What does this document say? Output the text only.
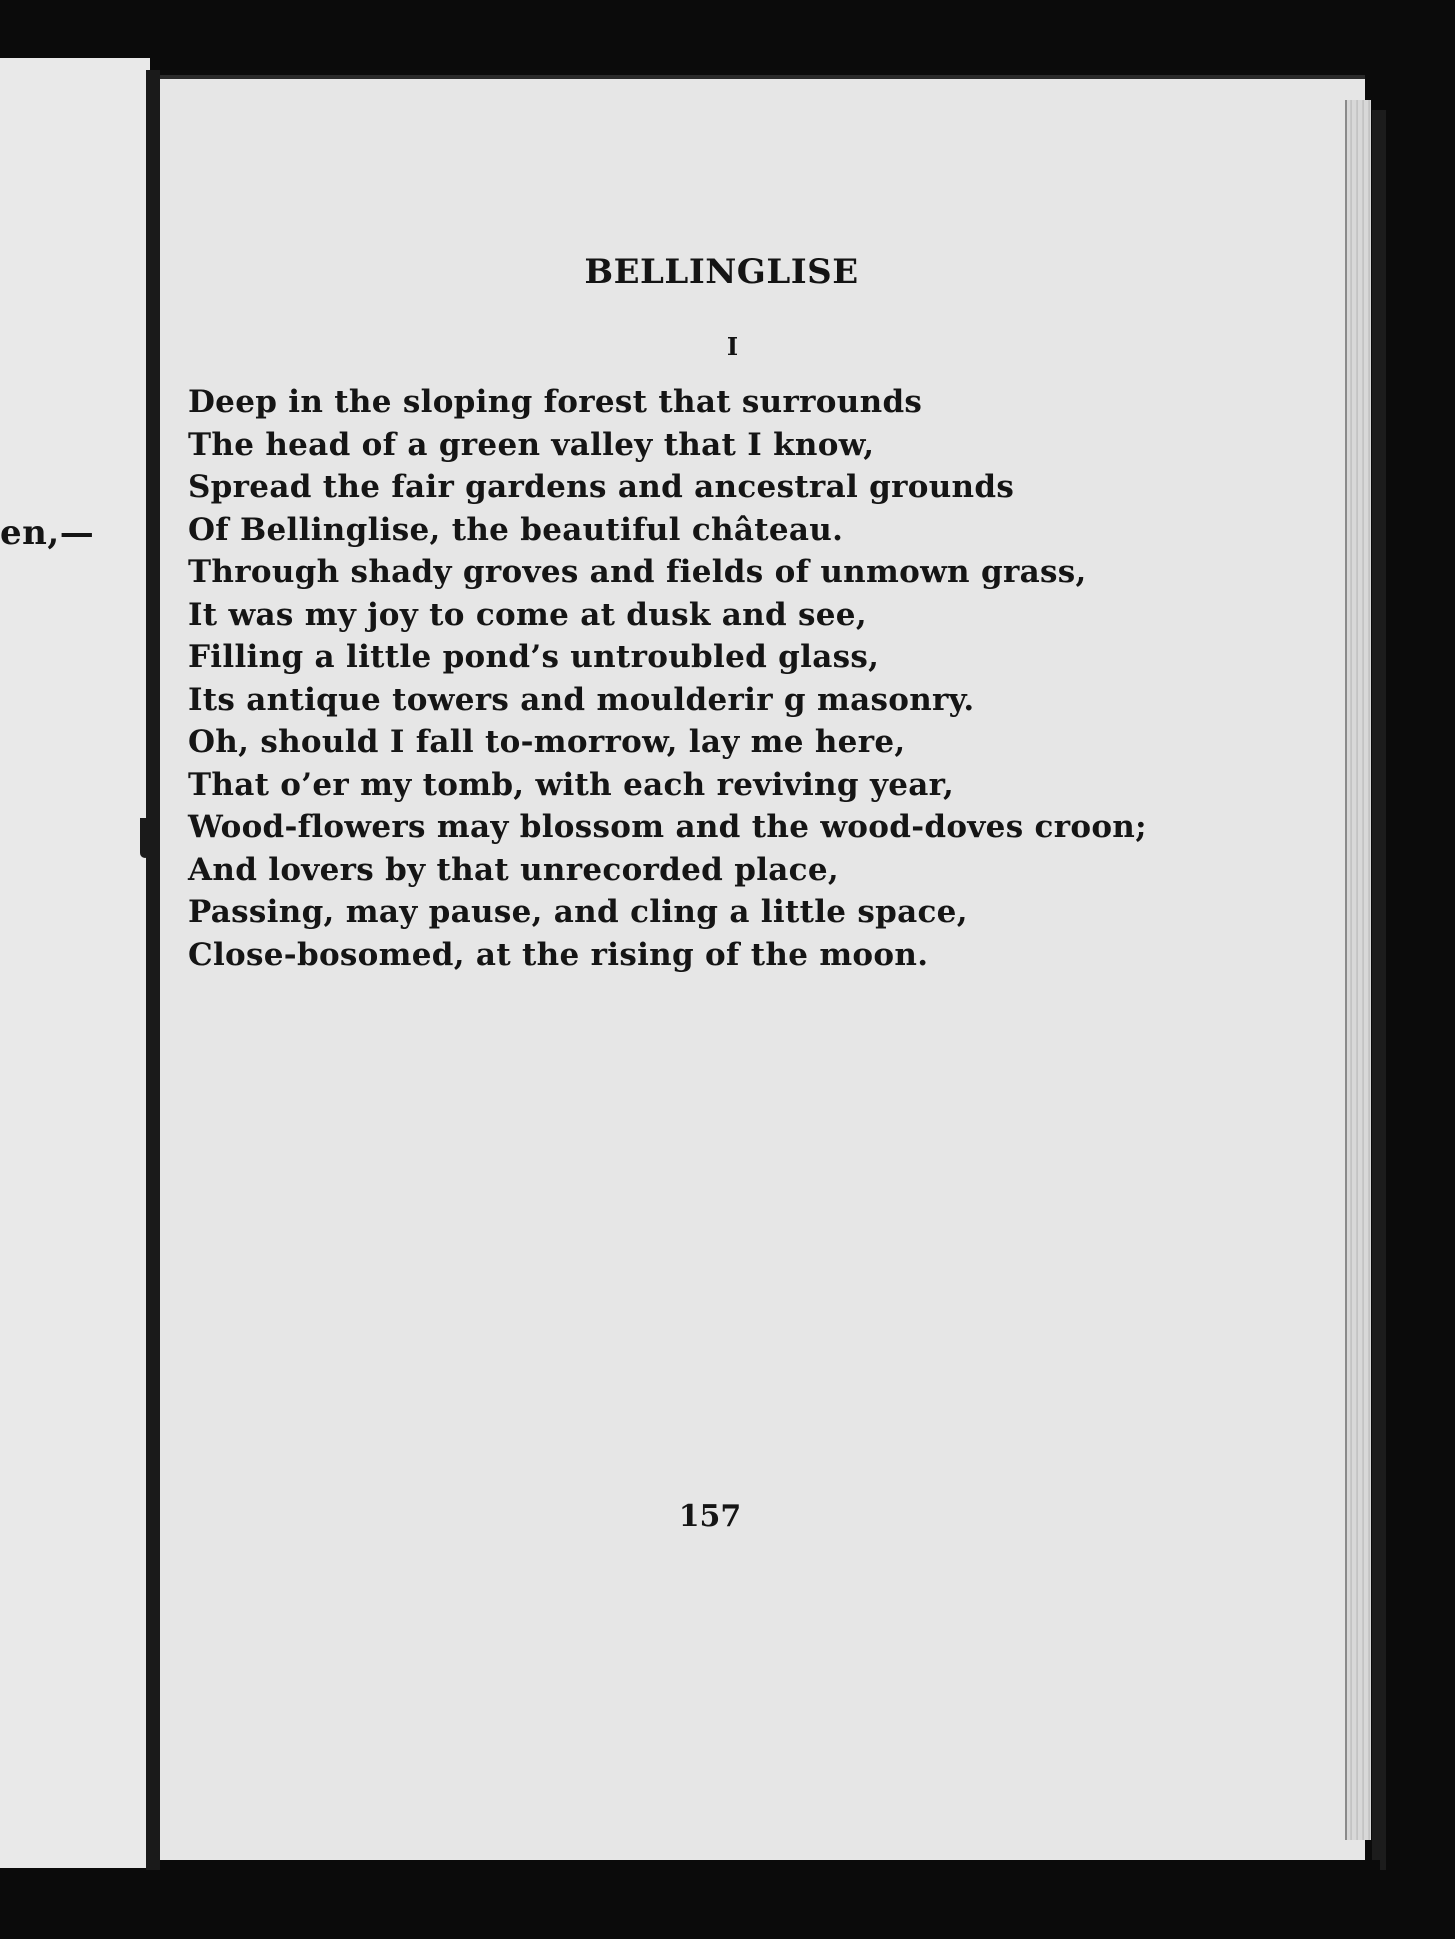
en,—
BELLINGLISE
I
Deep in the sloping forest that surrounds
The head of a green valley that I know,
Spread the fair gardens and ancestral grounds
Of Bellinglise, the beautiful château.
Through shady groves and fields of unmown grass,
It was my joy to come at dusk and see,
Filling a little pond’s untroubled glass,
Its antique towers and moulderir g masonry.
Oh, should I fall to-morrow, lay me here,
That o’er my tomb, with each reviving year,
Wood-flowers may blossom and the wood-doves croon;
And lovers by that unrecorded place,
Passing, may pause, and cling a little space,
Close-bosomed, at the rising of the moon.
157
